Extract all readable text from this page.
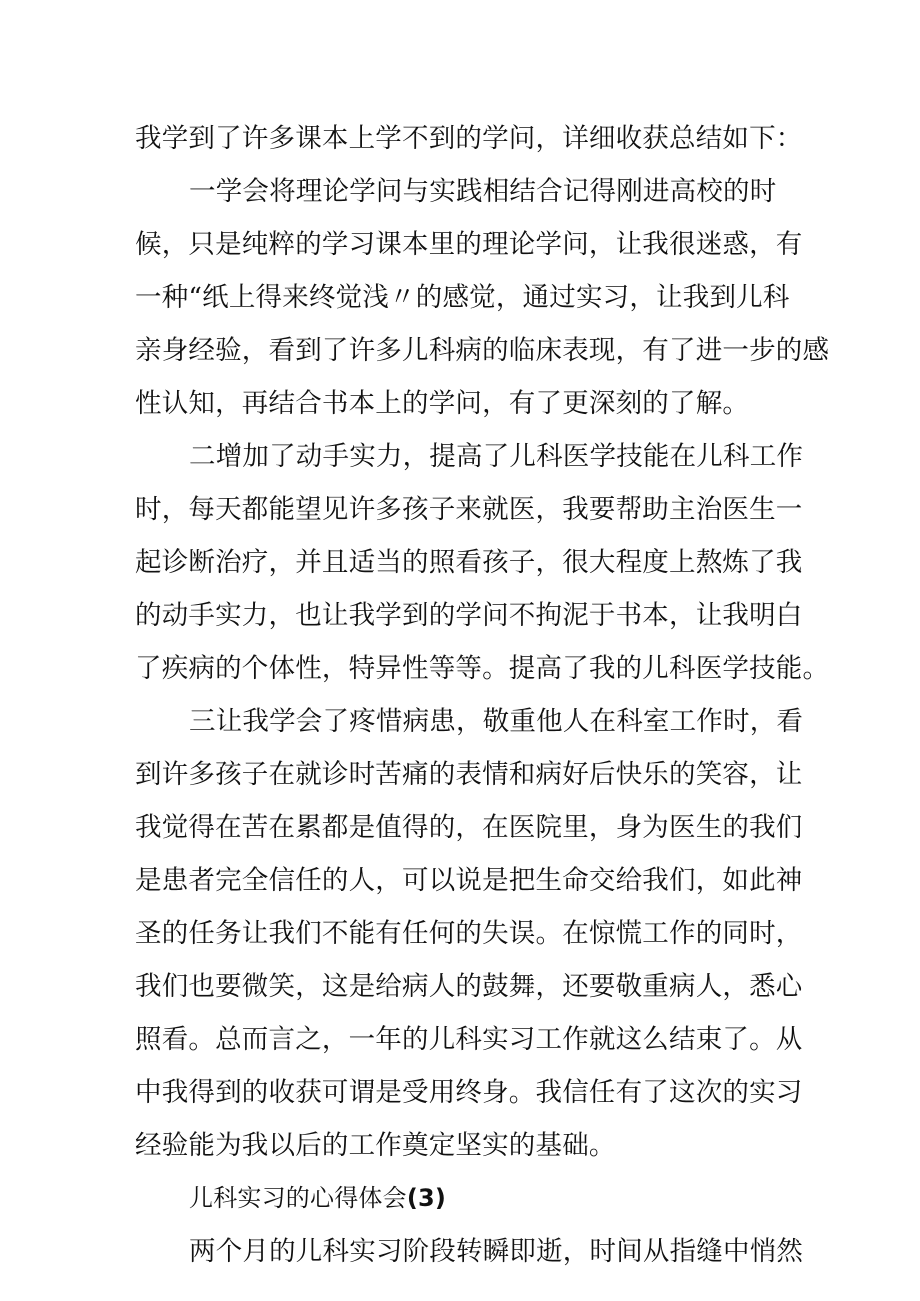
我学到了许多课本上学不到的学问，详细收获总结如下：
一学会将理论学问与实践相结合记得刚进高校的时
候，只是纯粹的学习课本里的理论学问，让我很迷惑，有
一种“纸上得来终觉浅〃的感觉，通过实习，让我到儿科
亲身经验，看到了许多儿科病的临床表现，有了进一步的感
性认知，再结合书本上的学问，有了更深刻的了解。
二增加了动手实力，提高了儿科医学技能在儿科工作
时，每天都能望见许多孩子来就医，我要帮助主治医生一
起诊断治疗，并且适当的照看孩子，很大程度上熬炼了我
的动手实力，也让我学到的学问不拘泥于书本，让我明白
了疾病的个体性，特异性等等。提高了我的儿科医学技能。
三让我学会了疼惜病患，敬重他人在科室工作时，看
到许多孩子在就诊时苦痛的表情和病好后快乐的笑容，让
我觉得在苦在累都是值得的，在医院里，身为医生的我们
是患者完全信任的人，可以说是把生命交给我们，如此神
圣的任务让我们不能有任何的失误。在惊慌工作的同时，
我们也要微笑，这是给病人的鼓舞，还要敬重病人，悉心
照看。总而言之，一年的儿科实习工作就这么结束了。从
中我得到的收获可谓是受用终身。我信任有了这次的实习
经验能为我以后的工作奠定坚实的基础。
儿科实习的心得体会(3)
两个月的儿科实习阶段转瞬即逝，时间从指缝中悄然
